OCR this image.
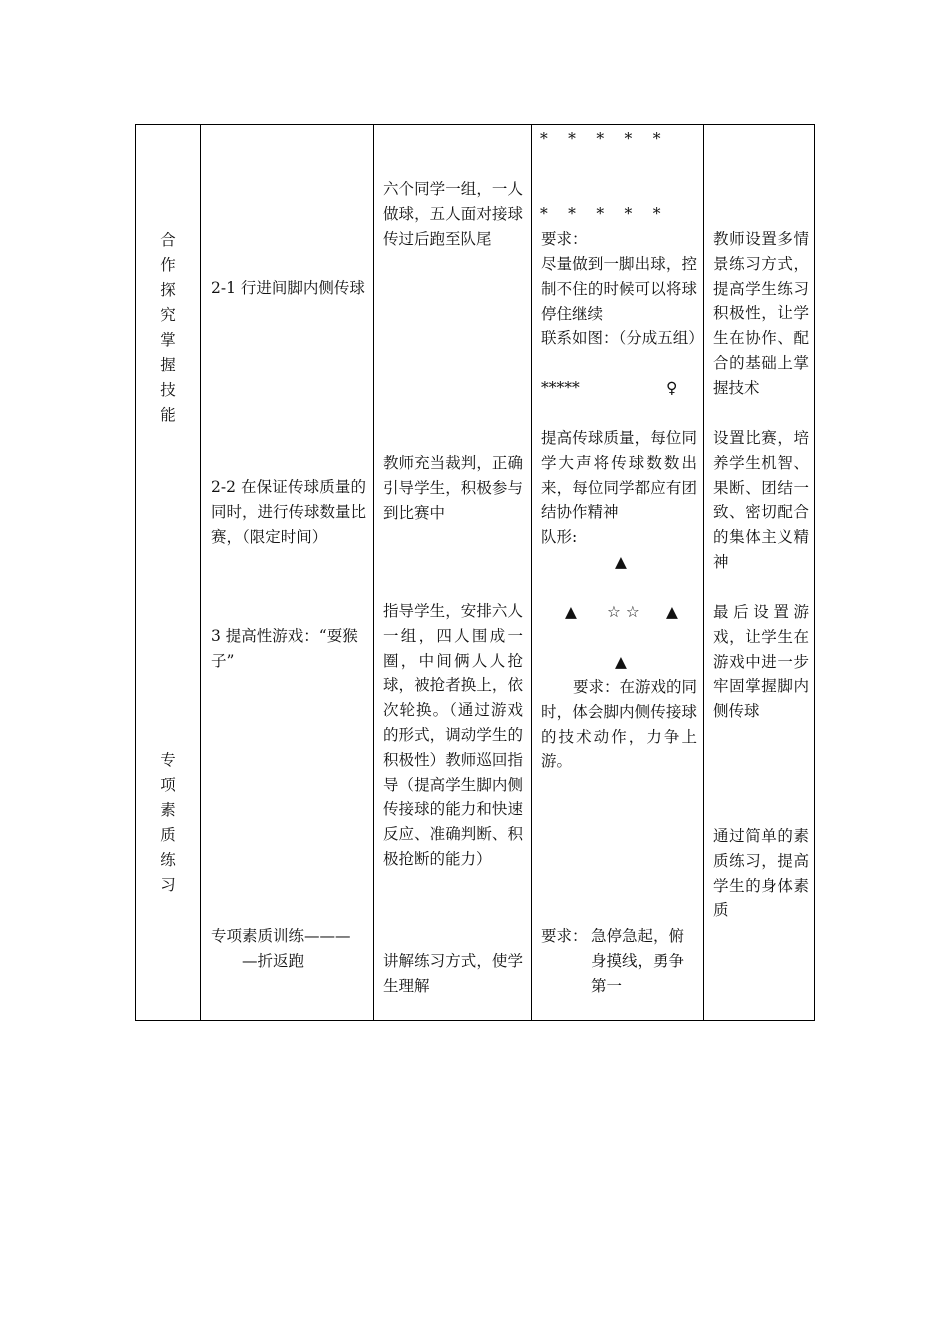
合作探究掌握技能
专项素质练习
2-1 行进间脚内侧传球
2-2 在保证传球质量的同时，进行传球数量比赛，（限定时间）
3 提高性游戏：“耍猴子”
专项素质训练———
—折返跑
六个同学一组，一人做球，五人面对接球传过后跑至队尾
教师充当裁判，正确引导学生，积极参与到比赛中
指导学生，安排六人一组，四人围成一圈，中间俩人人抢球，被抢者换上，依次轮换。（通过游戏的形式，调动学生的积极性）教师巡回指导（提高学生脚内侧传接球的能力和快速反应、准确判断、积极抢断的能力）
讲解练习方式，使学生理解
*　 *　 *　 *　 *
*　 *　 *　 *　 *
要求：
尽量做到一脚出球，控制不住的时候可以将球停住继续
联系如图：（分成五组）
*****	♀
提高传球质量，每位同学大声将传球数数出来，每位同学都应有团结协作精神
队形:
▲
▲ ☆ ☆ ▲
▲
要求：在游戏的同时，体会脚内侧传接球的技术动作，力争上游。
要求： 急停急起，俯身摸线，勇争第一
教师设置多情景练习方式，提高学生练习积极性，让学生在协作、配合的基础上掌握技术
设置比赛，培养学生机智、果断、团结一致、密切配合的集体主义精神
最后设置游戏，让学生在游戏中进一步牢固掌握脚内侧传球
通过简单的素质练习，提高学生的身体素质
